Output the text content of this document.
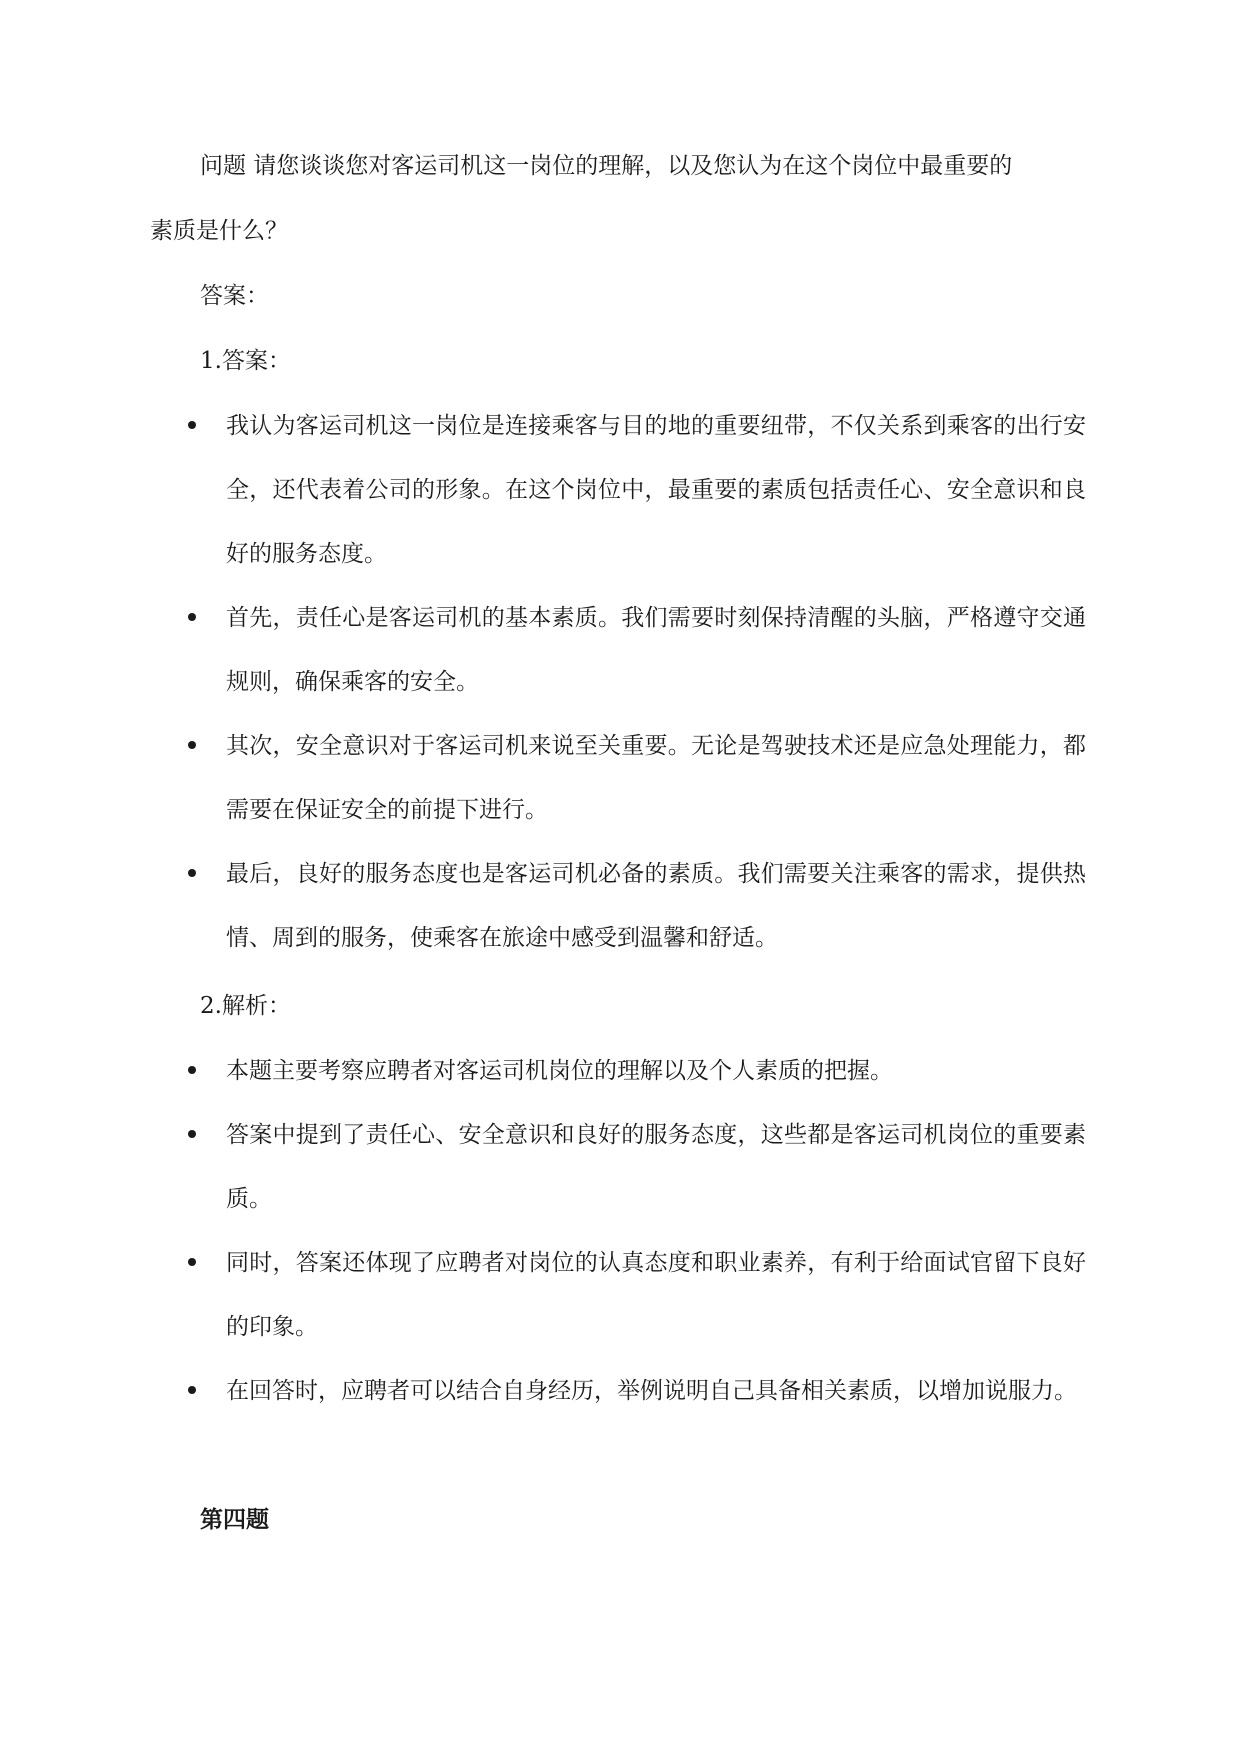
问题 请您谈谈您对客运司机这一岗位的理解，以及您认为在这个岗位中最重要的

素质是什么？

答案：

1.答案：

我认为客运司机这一岗位是连接乘客与目的地的重要纽带，不仅关系到乘客的出行安全，还代表着公司的形象。在这个岗位中，最重要的素质包括责任心、安全意识和良好的服务态度。
首先，责任心是客运司机的基本素质。我们需要时刻保持清醒的头脑，严格遵守交通规则，确保乘客的安全。
其次，安全意识对于客运司机来说至关重要。无论是驾驶技术还是应急处理能力，都需要在保证安全的前提下进行。
最后，良好的服务态度也是客运司机必备的素质。我们需要关注乘客的需求，提供热情、周到的服务，使乘客在旅途中感受到温馨和舒适。

2.解析：

本题主要考察应聘者对客运司机岗位的理解以及个人素质的把握。
答案中提到了责任心、安全意识和良好的服务态度，这些都是客运司机岗位的重要素质。
同时，答案还体现了应聘者对岗位的认真态度和职业素养，有利于给面试官留下良好的印象。
在回答时，应聘者可以结合自身经历，举例说明自己具备相关素质，以增加说服力。

第四题
